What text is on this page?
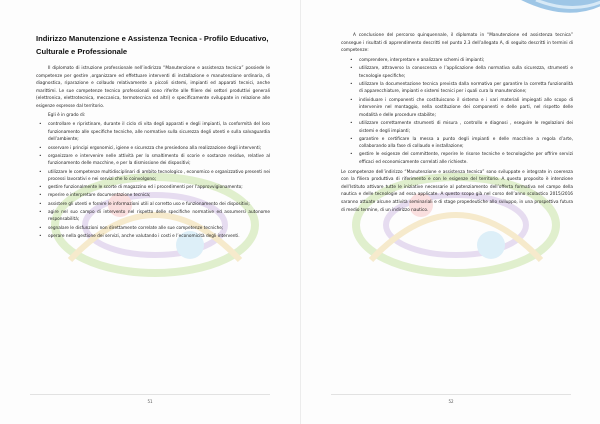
Indirizzo Manutenzione e Assistenza Tecnica - Profilo Educativo, Culturale e Professionale

Il diplomato di istruzione professionale nell’indirizzo “Manutenzione e assistenza tecnica” possiede le competenze per gestire ,organizzare ed effettuare interventi di installazione e manutenzione ordinaria, di diagnostica, riparazione e collaudo relativamente a piccoli sistemi, impianti ed apparati tecnici, anche marittimi. Le sue competenze tecnico professionali sono riferite alle filiere dei settori produttivi generali (elettronica, elettrotecnica, meccanica, termotecnica ed altri) e specificamente sviluppate in relazione alle esigenze espresse dal territorio.

Egli è in grado di:

• controllare e ripristinare, durante il ciclo di vita degli apparati e degli impianti, la conformità del loro funzionamento alle specifiche tecniche, alle normative sulla sicurezza degli utenti e sulla salvaguardia dell’ambiente;
• osservare i principi ergonomici, igiene e sicurezza che presiedono alla realizzazione degli interventi;
• organizzare e intervenire nelle attività per lo smaltimento di scorie e sostanze residue, relative al funzionamento delle macchine, e per la dismissione dei dispositivi;
• utilizzare le competenze multidisciplinari di ambito tecnologico , economico e organizzativo presenti nei processi lavorativi e nei servizi che lo coinvolgono;
• gestire funzionalmente le scorte di magazzino ed i procedimenti per l’approvvigionamento;
• reperire e interpretare documentazione tecnica;
• assistere gli utenti e fornire le informazioni utili al corretto uso e funzionamento dei dispositivi;
• agire nel suo campo di intervento nel rispetto delle specifiche normative ed assumersi autonome responsabilità;
• segnalare le disfunzioni non direttamente correlate alle sue competenze tecniche;
• operare nella gestione dei servizi, anche valutando i costi e l’economicità degli interventi.
51

A conclusione del percorso quinquennale, il diplomato in “Manutenzione ed assistenza tecnica” consegue i risultati di apprendimento descritti nel punto 2.3 dell’allegato A, di seguito descritti in termini di competenze:

• comprendere, interpretare e analizzare schemi di impianti;
• utilizzare, attraverso la conoscenza e l’applicazione della normativa sulla sicurezza, strumenti e tecnologie specifiche;
• utilizzare la documentazione tecnica prevista dalla normativa per garantire la corretta funzionalità di apparecchiature, impianti e sistemi tecnici per i quali cura la manutenzione;
• individuare i componenti che costituiscono il sistema e i vari materiali impiegati allo scopo di intervenire nel montaggio, nella sostituzione dei componenti e delle parti, nel rispetto delle modalità e delle procedure stabilite;
• utilizzare correttamente strumenti di misura , controllo e diagnosi , eseguire le regolazioni dei sistemi e degli impianti;
• garantire e certificare la messa a punto degli impianti e delle macchine a regola d’arte, collaborando alla fase di collaudo e installazione;
• gestire le esigenze del committente, reperire le risorse tecniche e tecnologiche per offrire servizi efficaci ed economicamente correlati alle richieste.

Le competenze dell’indirizzo “Manutenzione e assistenza tecnica” sono sviluppate e integrate in coerenza con la filiera produttiva di riferimento e con le esigenze del territorio. A questo proposito è intenzione dell’Istituto attivare tutte le iniziative necessarie al potenziamento dell’offerta formativa nel campo della nautica e delle tecnologie ad essa applicate. A questo scopo già nel corso dell’anno scolastico 2015/2016 saranno attuate alcune attività seminariali e di stage propedeutiche allo sviluppo, in una prospettiva futura di medio termine, di un indirizzo nautico.

52
